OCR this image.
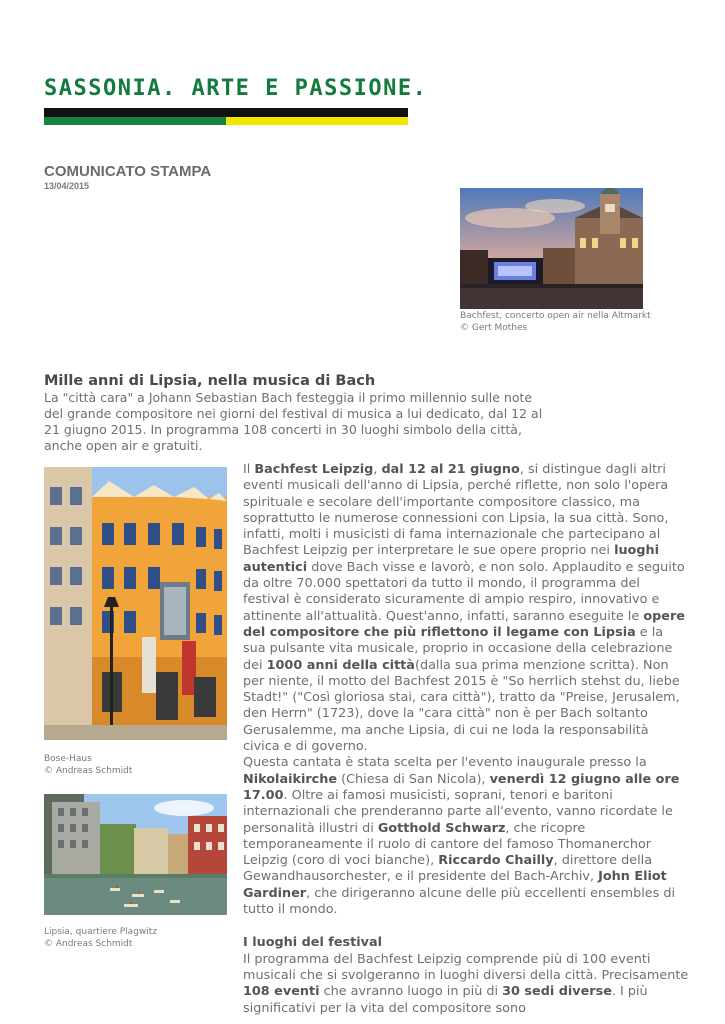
SASSONIA. ARTE E PASSIONE.
COMUNICATO STAMPA
13/04/2015
Bachfest, concerto open air nella Altmarkt
© Gert Mothes
Mille anni di Lipsia, nella musica di Bach
La "città cara" a Johann Sebastian Bach festeggia il primo millennio sulle note del grande compositore nei giorni del festival di musica a lui dedicato, dal 12 al 21 giugno 2015. In programma 108 concerti in 30 luoghi simbolo della città, anche open air e gratuiti.
Bose-Haus
© Andreas Schmidt
Lipsia, quartiere Plagwitz
© Andreas Schmidt

Il Bachfest Leipzig, dal 12 al 21 giugno, si distingue dagli altri eventi musicali dell'anno di Lipsia, perché riflette, non solo l'opera spirituale e secolare dell'importante compositore classico, ma soprattutto le numerose connessioni con Lipsia, la sua città. Sono, infatti, molti i musicisti di fama internazionale che partecipano al Bachfest Leipzig per interpretare le sue opere proprio nei luoghi autentici dove Bach visse e lavorò, e non solo. Applaudito e seguito da oltre 70.000 spettatori da tutto il mondo, il programma del festival è considerato sicuramente di ampio respiro, innovativo e attinente all'attualità. Quest'anno, infatti, saranno eseguite le opere del compositore che più riflettono il legame con Lipsia e la sua pulsante vita musicale, proprio in occasione della celebrazione dei 1000 anni della città(dalla sua prima menzione scritta). Non per niente, il motto del Bachfest 2015 è "So herrlich stehst du, liebe Stadt!" ("Così gloriosa stai, cara città"), tratto da "Preise, Jerusalem, den Herrn" (1723), dove la "cara città" non è per Bach soltanto Gerusalemme, ma anche Lipsia, di cui ne loda la responsabilità civica e di governo.

Questa cantata è stata scelta per l'evento inaugurale presso la Nikolaikirche (Chiesa di San Nicola), venerdì 12 giugno alle ore 17.00. Oltre ai famosi musicisti, soprani, tenori e baritoni internazionali che prenderanno parte all'evento, vanno ricordate le personalità illustri di Gotthold Schwarz, che ricopre temporaneamente il ruolo di cantore del famoso Thomanerchor Leipzig (coro di voci bianche), Riccardo Chailly, direttore della Gewandhausorchester, e il presidente del Bach-Archiv, John Eliot Gardiner, che dirigeranno alcune delle più eccellenti ensembles di tutto il mondo.

I luoghi del festival

Il programma del Bachfest Leipzig comprende più di 100 eventi musicali che si svolgeranno in luoghi diversi della città. Precisamente 108 eventi che avranno luogo in più di 30 sedi diverse. I più significativi per la vita del compositore sono
